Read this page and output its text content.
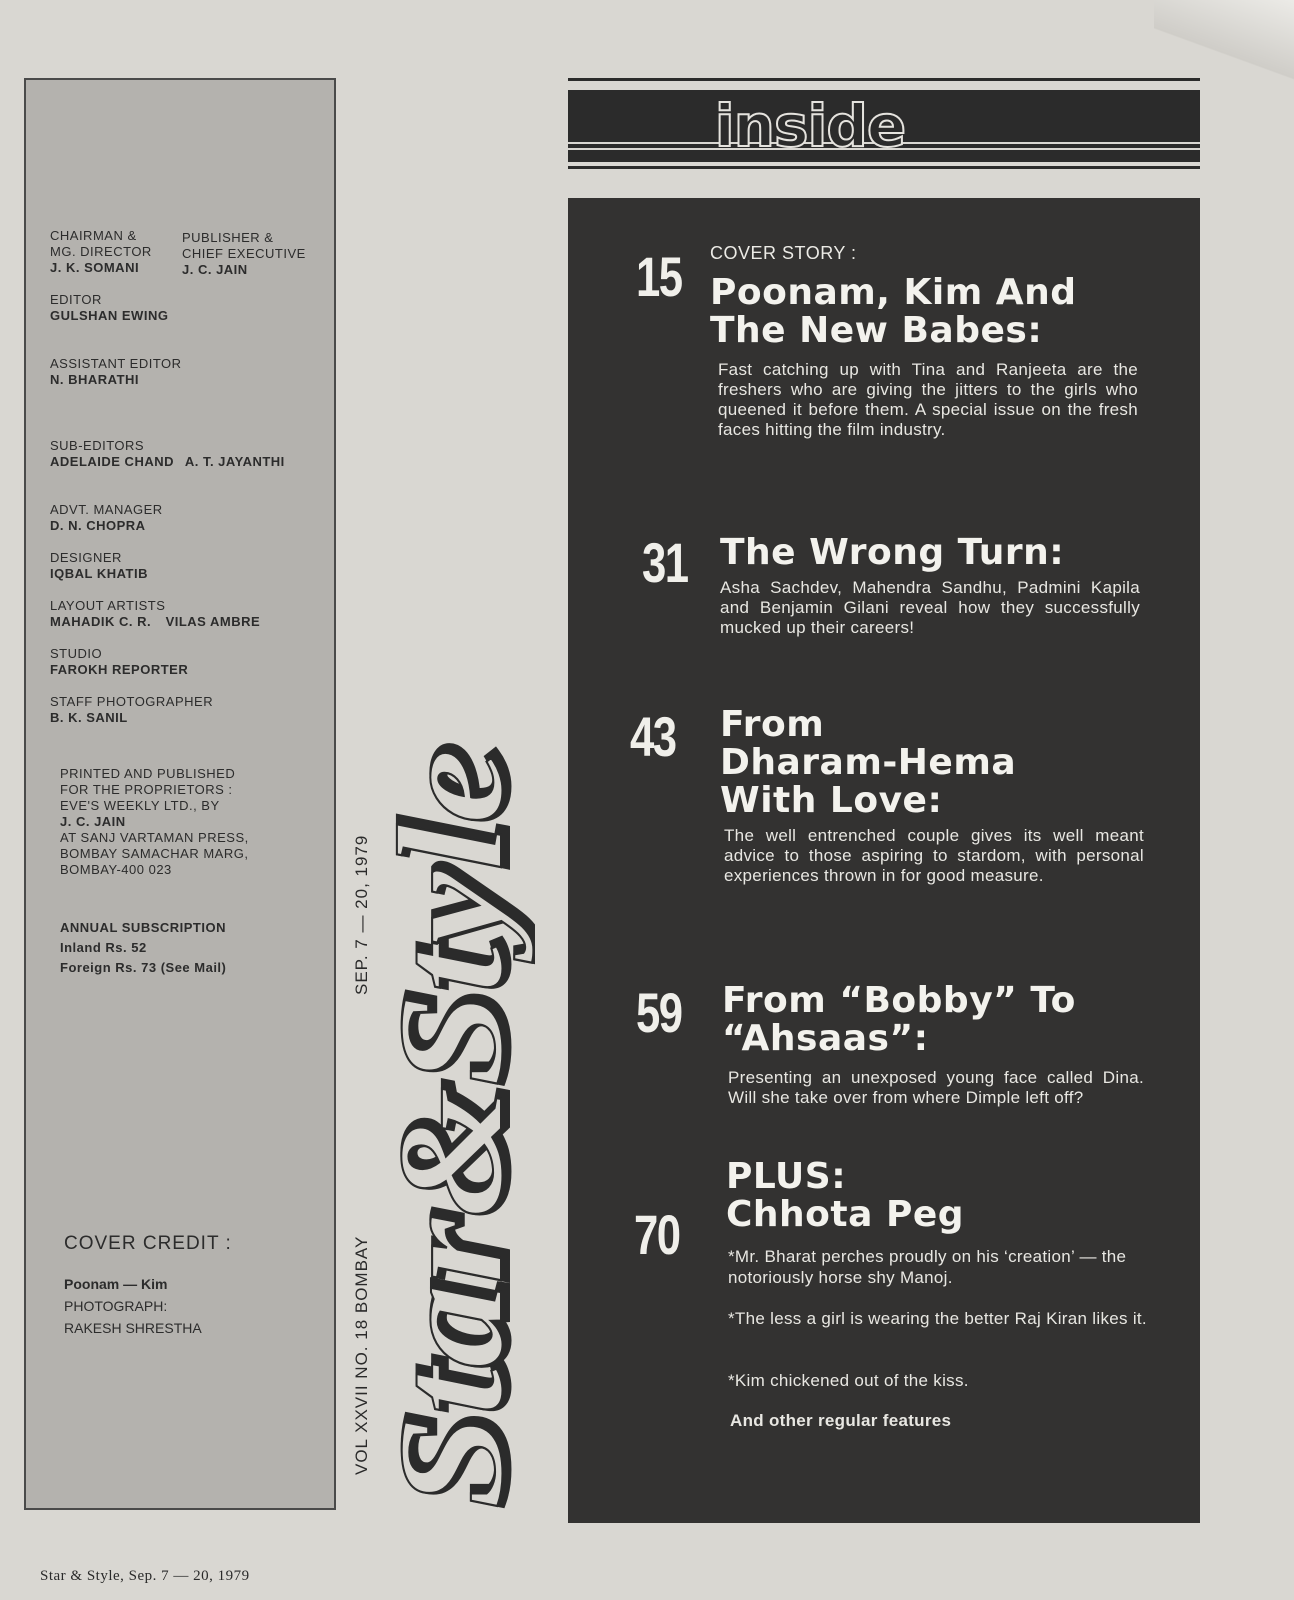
CHAIRMAN &
MG. DIRECTOR
J. K. SOMANI
PUBLISHER &
CHIEF EXECUTIVE
J. C. JAIN
EDITOR
GULSHAN EWING
ASSISTANT EDITOR
N. BHARATHI
SUB-EDITORS
ADELAIDE CHAND A. T. JAYANTHI
ADVT. MANAGER
D. N. CHOPRA
DESIGNER
IQBAL KHATIB
LAYOUT ARTISTS
MAHADIK C. R. VILAS AMBRE
STUDIO
FAROKH REPORTER
STAFF PHOTOGRAPHER
B. K. SANIL
PRINTED AND PUBLISHED
FOR THE PROPRIETORS :
EVE'S WEEKLY LTD., BY
J. C. JAIN
AT SANJ VARTAMAN PRESS,
BOMBAY SAMACHAR MARG,
BOMBAY-400 023
ANNUAL SUBSCRIPTION
Inland Rs. 52
Foreign Rs. 73 (See Mail)
COVER CREDIT :
Poonam — Kim
PHOTOGRAPH:
RAKESH SHRESTHA	VOL XXVII NO. 18 BOMBAY
SEP. 7 — 20, 1979 Star&Style
Star&Style
inside
15 COVER STORY :
Poonam, Kim And
The New Babes:
Fast catching up with Tina and Ranjeeta are the freshers who are giving the jitters to the girls who queened it before them. A special issue on the fresh faces hitting the film industry.
31 The Wrong Turn:
Asha Sachdev, Mahendra Sandhu, Padmini Kapila and Benjamin Gilani reveal how they successfully mucked up their careers!
43 From
Dharam-Hema
With Love:
The well entrenched couple gives its well meant advice to those aspiring to stardom, with personal experiences thrown in for good measure.
59 From “Bobby” To
“Ahsaas”:
Presenting an unexposed young face called Dina. Will she take over from where Dimple left off?
70
PLUS:
Chhota Peg
*Mr. Bharat perches proudly on his ‘creation’ — the notoriously horse shy Manoj.
*The less a girl is wearing the better Raj Kiran likes it.
*Kim chickened out of the kiss.
And other regular features
Star & Style, Sep. 7 — 20, 1979
